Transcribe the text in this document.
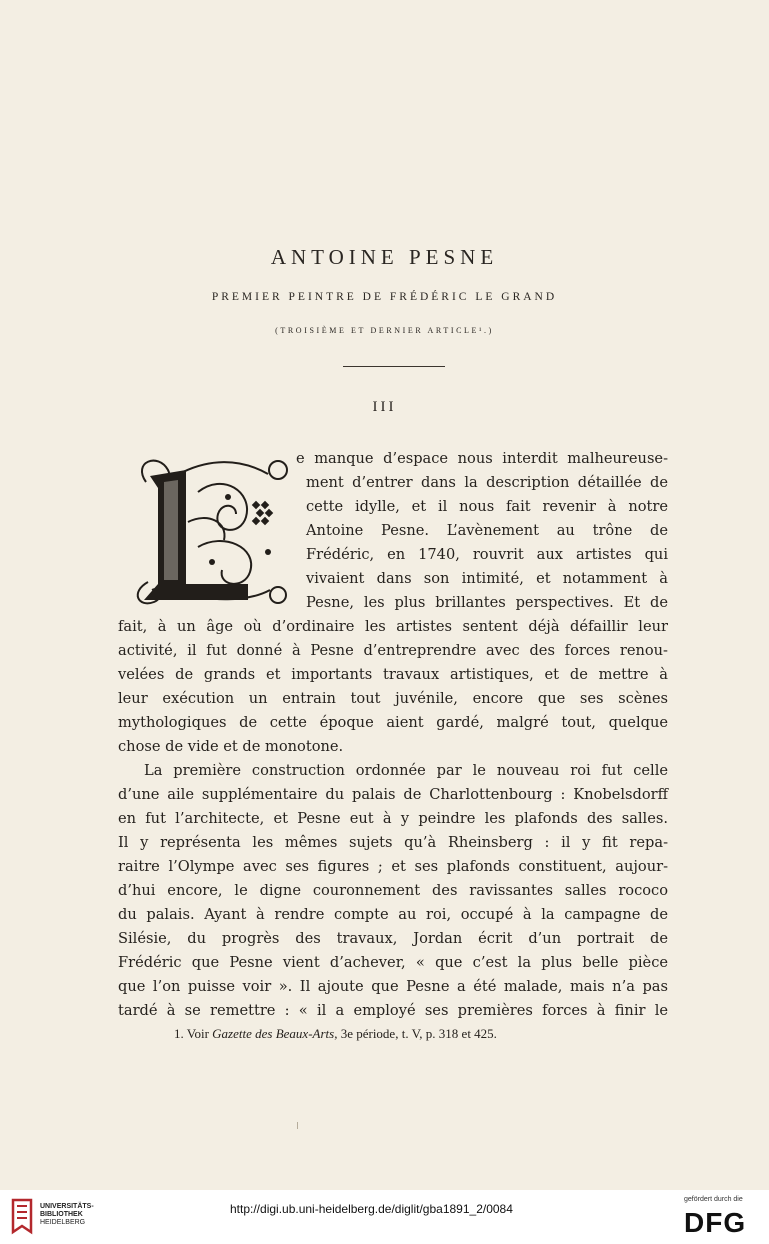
ANTOINE PESNE
PREMIER PEINTRE DE FRÉDÉRIC LE GRAND
(TROISIÈME ET DERNIER ARTICLE¹.)
III
e manque d’espace nous interdit malheureuse-
ment d’entrer dans la description détaillée de
cette idylle, et il nous fait revenir à notre
Antoine Pesne. L’avènement au trône de
Frédéric, en 1740, rouvrit aux artistes qui
vivaient dans son intimité, et notamment à
Pesne, les plus brillantes perspectives. Et de
fait, à un âge où d’ordinaire les artistes sentent déjà défaillir leur
activité, il fut donné à Pesne d’entreprendre avec des forces renou-
velées de grands et importants travaux artistiques, et de mettre à
leur exécution un entrain tout juvénile, encore que ses scènes
mythologiques de cette époque aient gardé, malgré tout, quelque
chose de vide et de monotone.
La première construction ordonnée par le nouveau roi fut celle
d’une aile supplémentaire du palais de Charlottenbourg : Knobelsdorff
en fut l’architecte, et Pesne eut à y peindre les plafonds des salles.
Il y représenta les mêmes sujets qu’à Rheinsberg : il y fit repa-
raitre l’Olympe avec ses figures ; et ses plafonds constituent, aujour-
d’hui encore, le digne couronnement des ravissantes salles rococo
du palais. Ayant à rendre compte au roi, occupé à la campagne de
Silésie, du progrès des travaux, Jordan écrit d’un portrait de
Frédéric que Pesne vient d’achever, « que c’est la plus belle pièce
que l’on puisse voir ». Il ajoute que Pesne a été malade, mais n’a pas
tardé à se remettre : « il a employé ses premières forces à finir le
1. Voir Gazette des Beaux-Arts, 3e période, t. V, p. 318 et 425.
UNIVERSITÄTS-
BIBLIOTHEK
HEIDELBERG
http://digi.ub.uni-heidelberg.de/diglit/gba1891_2/0084
gefördert durch die
DFG
